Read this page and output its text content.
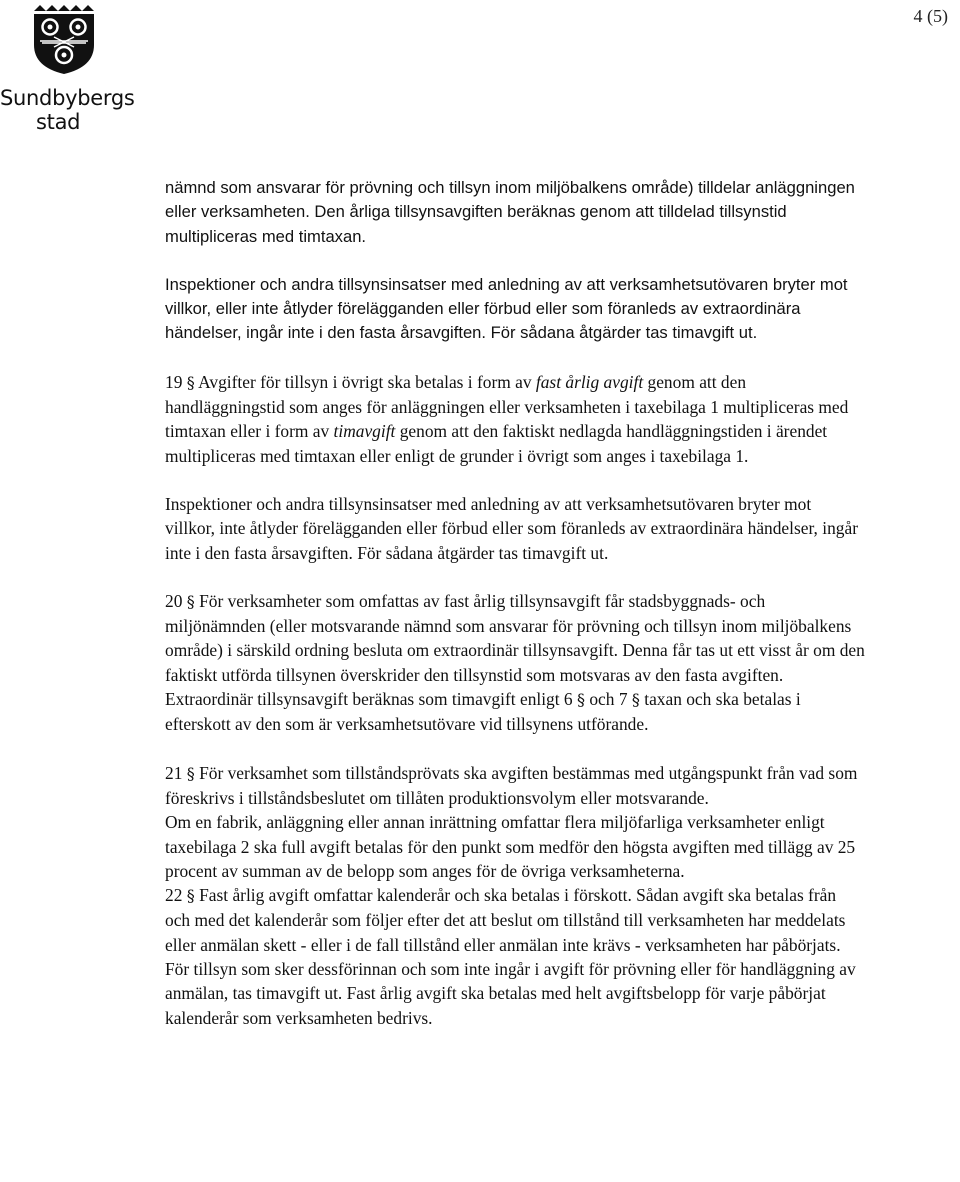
Sundbybergs
stad
4 (5)

nämnd som ansvarar för prövning och tillsyn inom miljöbalkens område) tilldelar anläggningen eller verksamheten. Den årliga tillsynsavgiften beräknas genom att tilldelad tillsynstid multipliceras med timtaxan.

Inspektioner och andra tillsynsinsatser med anledning av att verksamhetsutövaren bryter mot villkor, eller inte åtlyder förelägganden eller förbud eller som föranleds av extraordinära händelser, ingår inte i den fasta årsavgiften. För sådana åtgärder tas timavgift ut.

19 § Avgifter för tillsyn i övrigt ska betalas i form av fast årlig avgift genom att den handläggningstid som anges för anläggningen eller verksamheten i taxebilaga 1 multipliceras med timtaxan eller i form av timavgift genom att den faktiskt nedlagda handläggningstiden i ärendet multipliceras med timtaxan eller enligt de grunder i övrigt som anges i taxebilaga 1.

Inspektioner och andra tillsynsinsatser med anledning av att verksamhetsutövaren bryter mot villkor, inte åtlyder förelägganden eller förbud eller som föranleds av extraordinära händelser, ingår inte i den fasta årsavgiften. För sådana åtgärder tas timavgift ut.

20 § För verksamheter som omfattas av fast årlig tillsynsavgift får stadsbyggnads- och miljönämnden (eller motsvarande nämnd som ansvarar för prövning och tillsyn inom miljöbalkens område) i särskild ordning besluta om extraordinär tillsynsavgift. Denna får tas ut ett visst år om den faktiskt utförda tillsynen överskrider den tillsynstid som motsvaras av den fasta avgiften. Extraordinär tillsynsavgift beräknas som timavgift enligt 6 § och 7 § taxan och ska betalas i efterskott av den som är verksamhetsutövare vid tillsynens utförande.

21 § För verksamhet som tillståndsprövats ska avgiften bestämmas med utgångspunkt från vad som föreskrivs i tillståndsbeslutet om tillåten produktionsvolym eller motsvarande.

Om en fabrik, anläggning eller annan inrättning omfattar flera miljöfarliga verksamheter enligt taxebilaga 2 ska full avgift betalas för den punkt som medför den högsta avgiften med tillägg av 25 procent av summan av de belopp som anges för de övriga verksamheterna.

22 § Fast årlig avgift omfattar kalenderår och ska betalas i förskott. Sådan avgift ska betalas från och med det kalenderår som följer efter det att beslut om tillstånd till verksamheten har meddelats eller anmälan skett - eller i de fall tillstånd eller anmälan inte krävs - verksamheten har påbörjats. För tillsyn som sker dessförinnan och som inte ingår i avgift för prövning eller för handläggning av anmälan, tas timavgift ut. Fast årlig avgift ska betalas med helt avgiftsbelopp för varje påbörjat kalenderår som verksamheten bedrivs.
